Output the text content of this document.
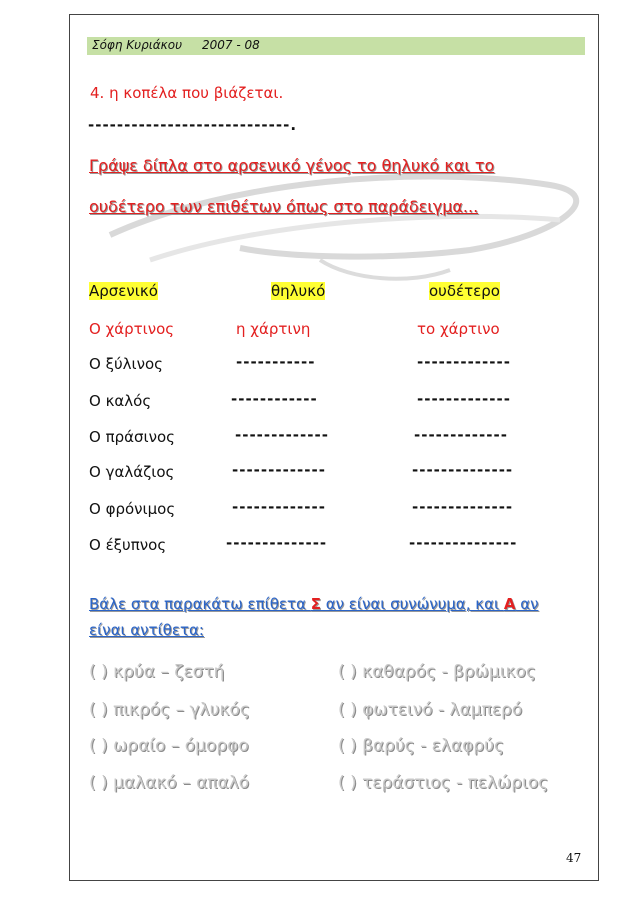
Σόφη Κυριάκου 2007 - 08
4. η κοπέλα που βιάζεται.
----------------------------.
Γράψε δίπλα στο αρσενικό γένος το θηλυκό και το
ουδέτερο των επιθέτων όπως στο παράδειγμα...
Αρσενικό	θηλυκό	ουδέτερο
Ο χάρτινος	η χάρτινη	το χάρτινο
Ο ξύλινος	-----------	-------------
Ο καλός	------------	-------------
Ο πράσινος	-------------	-------------
Ο γαλάζιος	-------------	--------------
Ο φρόνιμος	-------------	--------------
Ο έξυπνος	--------------	---------------
Βάλε στα παρακάτω επίθετα Σ αν είναι συνώνυμα, και Α αν
είναι αντίθετα:
( ) κρύα – ζεστή
( ) πικρός – γλυκός
( ) ωραίο – όμορφο
( ) μαλακό – απαλό
( ) καθαρός - βρώμικος
( ) φωτεινό - λαμπερό
( ) βαρύς - ελαφρύς
( ) τεράστιος - πελώριος
47
